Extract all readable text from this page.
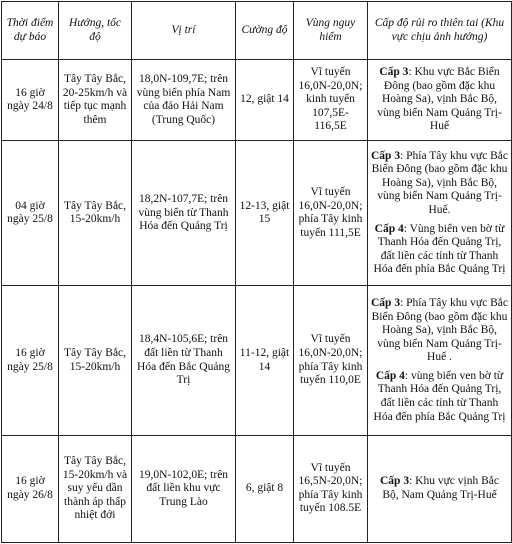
Thời điểm dự báo	Hướng, tốc độ	Vị trí	Cường độ	Vùng nguy hiểm	Cấp độ rủi ro thiên tai (Khu vực chịu ảnh hưởng)
16 giờ ngày 24/8	Tây Tây Bắc, 20-25km/h và tiếp tục mạnh thêm	18,0N-109,7E; trên vùng biển phía Nam của đảo Hải Nam (Trung Quốc)	12, giật 14	Vĩ tuyến 16,0N-20,0N; kinh tuyến 107,5E-116,5E	Cấp 3: Khu vực Bắc Biển Đông (bao gồm đặc khu Hoàng Sa), vịnh Bắc Bộ, vùng biển Nam Quảng Trị-Huế

04 giờ ngày 25/8	Tây Tây Bắc, 15-20km/h	18,2N-107,7E; trên vùng biển từ Thanh Hóa đến Quảng Trị	12-13, giật 15	Vĩ tuyến 16,0N-20,0N; phía Tây kinh tuyến 111,5E	Cấp 3: Phía Tây khu vực Bắc Biển Đông (bao gồm đặc khu Hoàng Sa), vịnh Bắc Bộ, vùng biển Nam Quảng Trị-Huế.
Cấp 4: Vùng biển ven bờ từ Thanh Hóa đến Quảng Trị, đất liền các tỉnh từ Thanh Hóa đến phía Bắc Quảng Trị

16 giờ ngày 25/8	Tây Tây Bắc, 15-20km/h	18,4N-105,6E; trên đất liền từ Thanh Hóa đến Bắc Quảng Trị	11-12, giật 14	Vĩ tuyến 16,0N-20,0N; phía Tây kinh tuyến 110,0E	Cấp 3: Phía Tây khu vực Bắc Biển Đông (bao gồm đặc khu Hoàng Sa), vịnh Bắc Bộ, vùng biển Nam Quảng Trị-Huế .
Cấp 4: vùng biển ven bờ từ Thanh Hóa đến Quảng Trị, đất liền các tỉnh từ Thanh Hóa đến phía Bắc Quảng Trị

16 giờ ngày 26/8	Tây Tây Bắc, 15-20km/h và suy yếu dần thành áp thấp nhiệt đới	19,0N-102,0E; trên đất liền khu vực Trung Lào	6, giật 8	Vĩ tuyến 16,5N-20,0N; phía Tây kinh tuyến 108.5E	Cấp 3: Khu vực vịnh Bắc Bộ, Nam Quảng Trị-Huế
